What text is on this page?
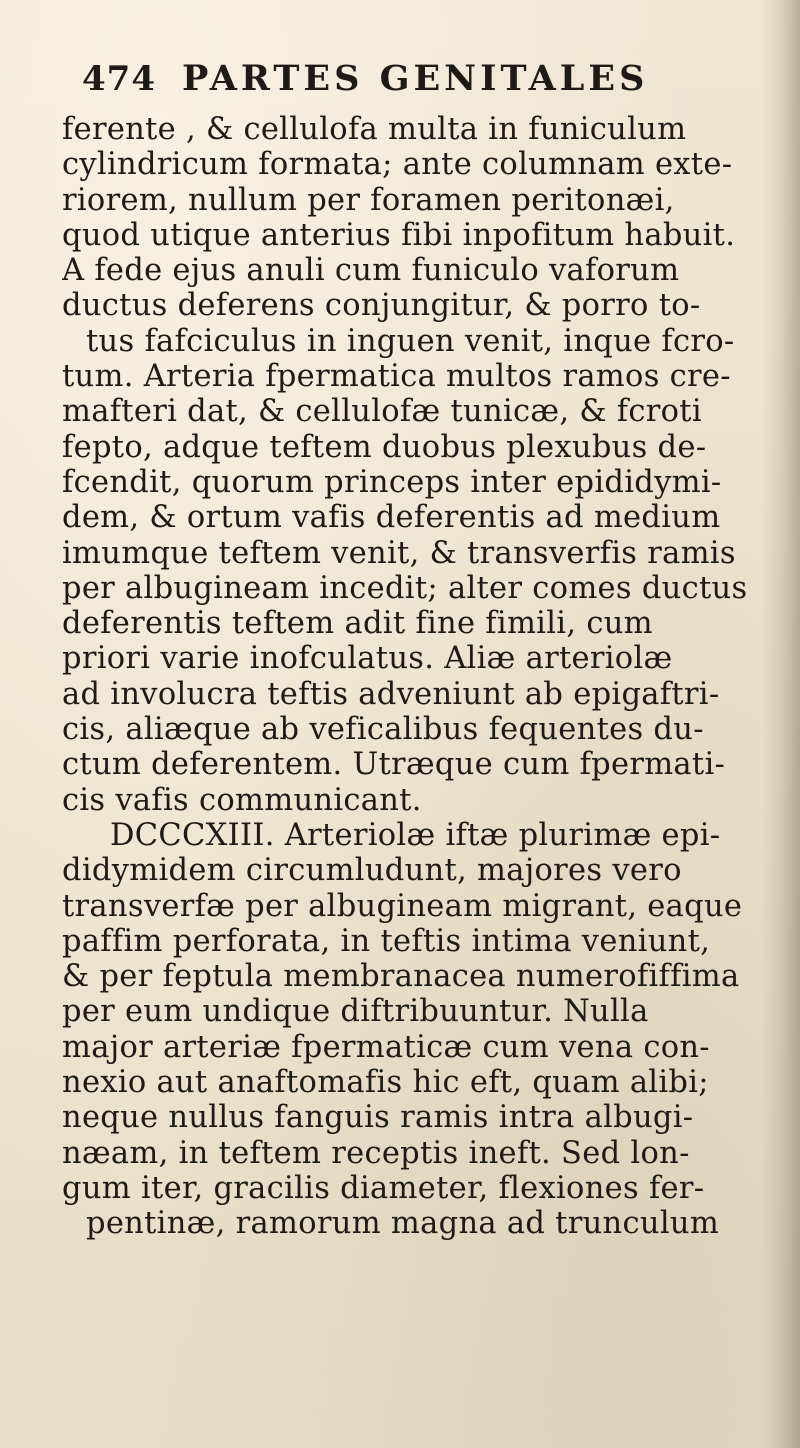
474 PARTES GENITALES
ferente , & cellulofa multa in funiculum
cylindricum formata; ante columnam exte-
riorem, nullum per foramen peritonæi,
quod utique anterius fibi inpofitum habuit.
A fede ejus anuli cum funiculo vaforum
ductus deferens conjungitur, & porro to-
tus fafciculus in inguen venit, inque fcro-
tum. Arteria fpermatica multos ramos cre-
mafteri dat, & cellulofæ tunicæ, & fcroti
fepto, adque teftem duobus plexubus de-
fcendit, quorum princeps inter epididymi-
dem, & ortum vafis deferentis ad medium
imumque teftem venit, & transverfis ramis
per albugineam incedit; alter comes ductus
deferentis teftem adit fine fimili, cum
priori varie inofculatus. Aliæ arteriolæ
ad involucra teftis adveniunt ab epigaftri-
cis, aliæque ab veficalibus fequentes du-
ctum deferentem. Utræque cum fpermati-
cis vafis communicant.
DCCCXIII. Arteriolæ iftæ plurimæ epi-
didymidem circumludunt, majores vero
transverfæ per albugineam migrant, eaque
paffim perforata, in teftis intima veniunt,
& per feptula membranacea numerofiffima
per eum undique diftribuuntur. Nulla
major arteriæ fpermaticæ cum vena con-
nexio aut anaftomafis hic eft, quam alibi;
neque nullus fanguis ramis intra albugi-
næam, in teftem receptis ineft. Sed lon-
gum iter, gracilis diameter, flexiones fer-
pentinæ, ramorum magna ad trunculum
